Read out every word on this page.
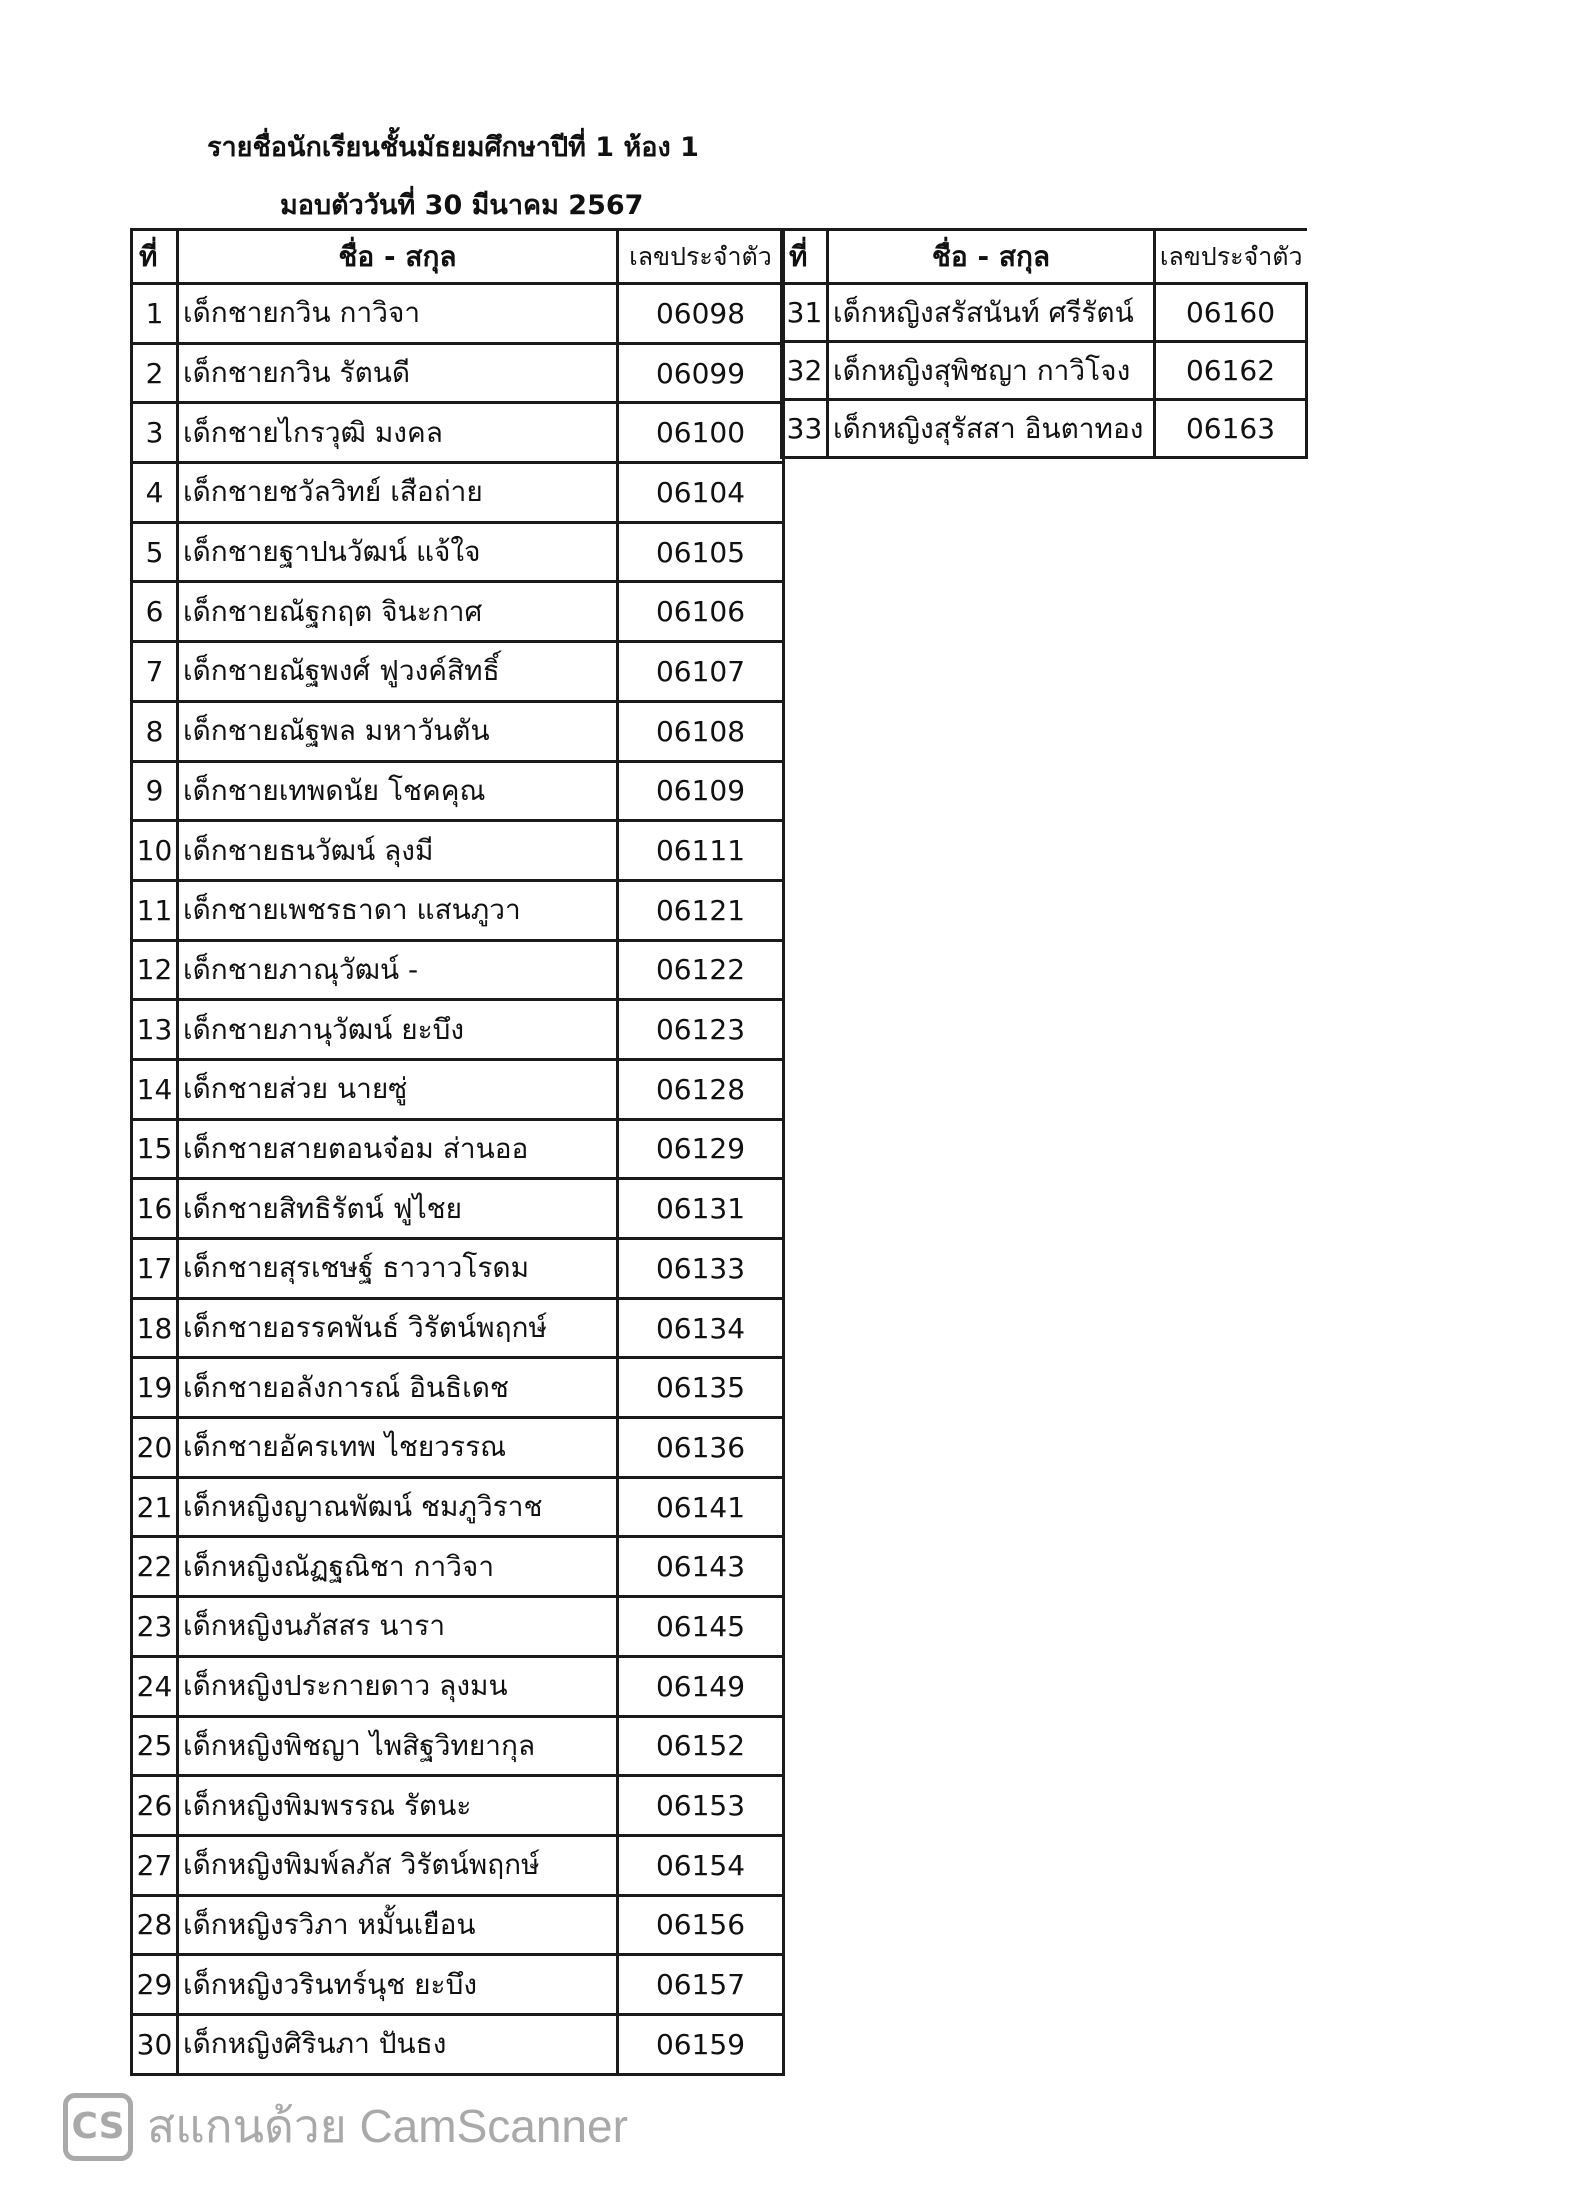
รายชื่อนักเรียนชั้นมัธยมศึกษาปีที่ 1 ห้อง 1
มอบตัววันที่ 30 มีนาคม 2567
ที่	ชื่อ - สกุล	เลขประจำตัว
1	เด็กชายกวิน กาวิจา	06098
2	เด็กชายกวิน รัตนดี	06099
3	เด็กชายไกรวุฒิ มงคล	06100
4	เด็กชายชวัลวิทย์ เสือถ่าย	06104
5	เด็กชายฐาปนวัฒน์ แจ้ใจ	06105
6	เด็กชายณัฐกฤต จินะกาศ	06106
7	เด็กชายณัฐพงศ์ ฟูวงค์สิทธิ์	06107
8	เด็กชายณัฐพล มหาวันตัน	06108
9	เด็กชายเทพดนัย โชคคุณ	06109
10	เด็กชายธนวัฒน์ ลุงมี	06111
11	เด็กชายเพชรธาดา แสนภูวา	06121
12	เด็กชายภาณุวัฒน์ -	06122
13	เด็กชายภานุวัฒน์ ยะบึง	06123
14	เด็กชายส่วย นายซู่	06128
15	เด็กชายสายตอนจ๋อม ส่านออ	06129
16	เด็กชายสิทธิรัตน์ ฟูไชย	06131
17	เด็กชายสุรเชษฐ์ ธาวาวโรดม	06133
18	เด็กชายอรรคพันธ์ วิรัตน์พฤกษ์	06134
19	เด็กชายอลังการณ์ อินธิเดช	06135
20	เด็กชายอัครเทพ ไชยวรรณ	06136
21	เด็กหญิงญาณพัฒน์ ชมภูวิราช	06141
22	เด็กหญิงณัฏฐณิชา กาวิจา	06143
23	เด็กหญิงนภัสสร นารา	06145
24	เด็กหญิงประกายดาว ลุงมน	06149
25	เด็กหญิงพิชญา ไพสิฐวิทยากุล	06152
26	เด็กหญิงพิมพรรณ รัตนะ	06153
27	เด็กหญิงพิมพ์ลภัส วิรัตน์พฤกษ์	06154
28	เด็กหญิงรวิภา หมั้นเยือน	06156
29	เด็กหญิงวรินทร์นุช ยะบึง	06157
30	เด็กหญิงศิรินภา ปันธง	06159
ที่	ชื่อ - สกุล	เลขประจำตัว
31	เด็กหญิงสรัสนันท์ ศรีรัตน์	06160
32	เด็กหญิงสุพิชญา กาวิโจง	06162
33	เด็กหญิงสุรัสสา อินตาทอง	06163
CS สแกนด้วย CamScanner
